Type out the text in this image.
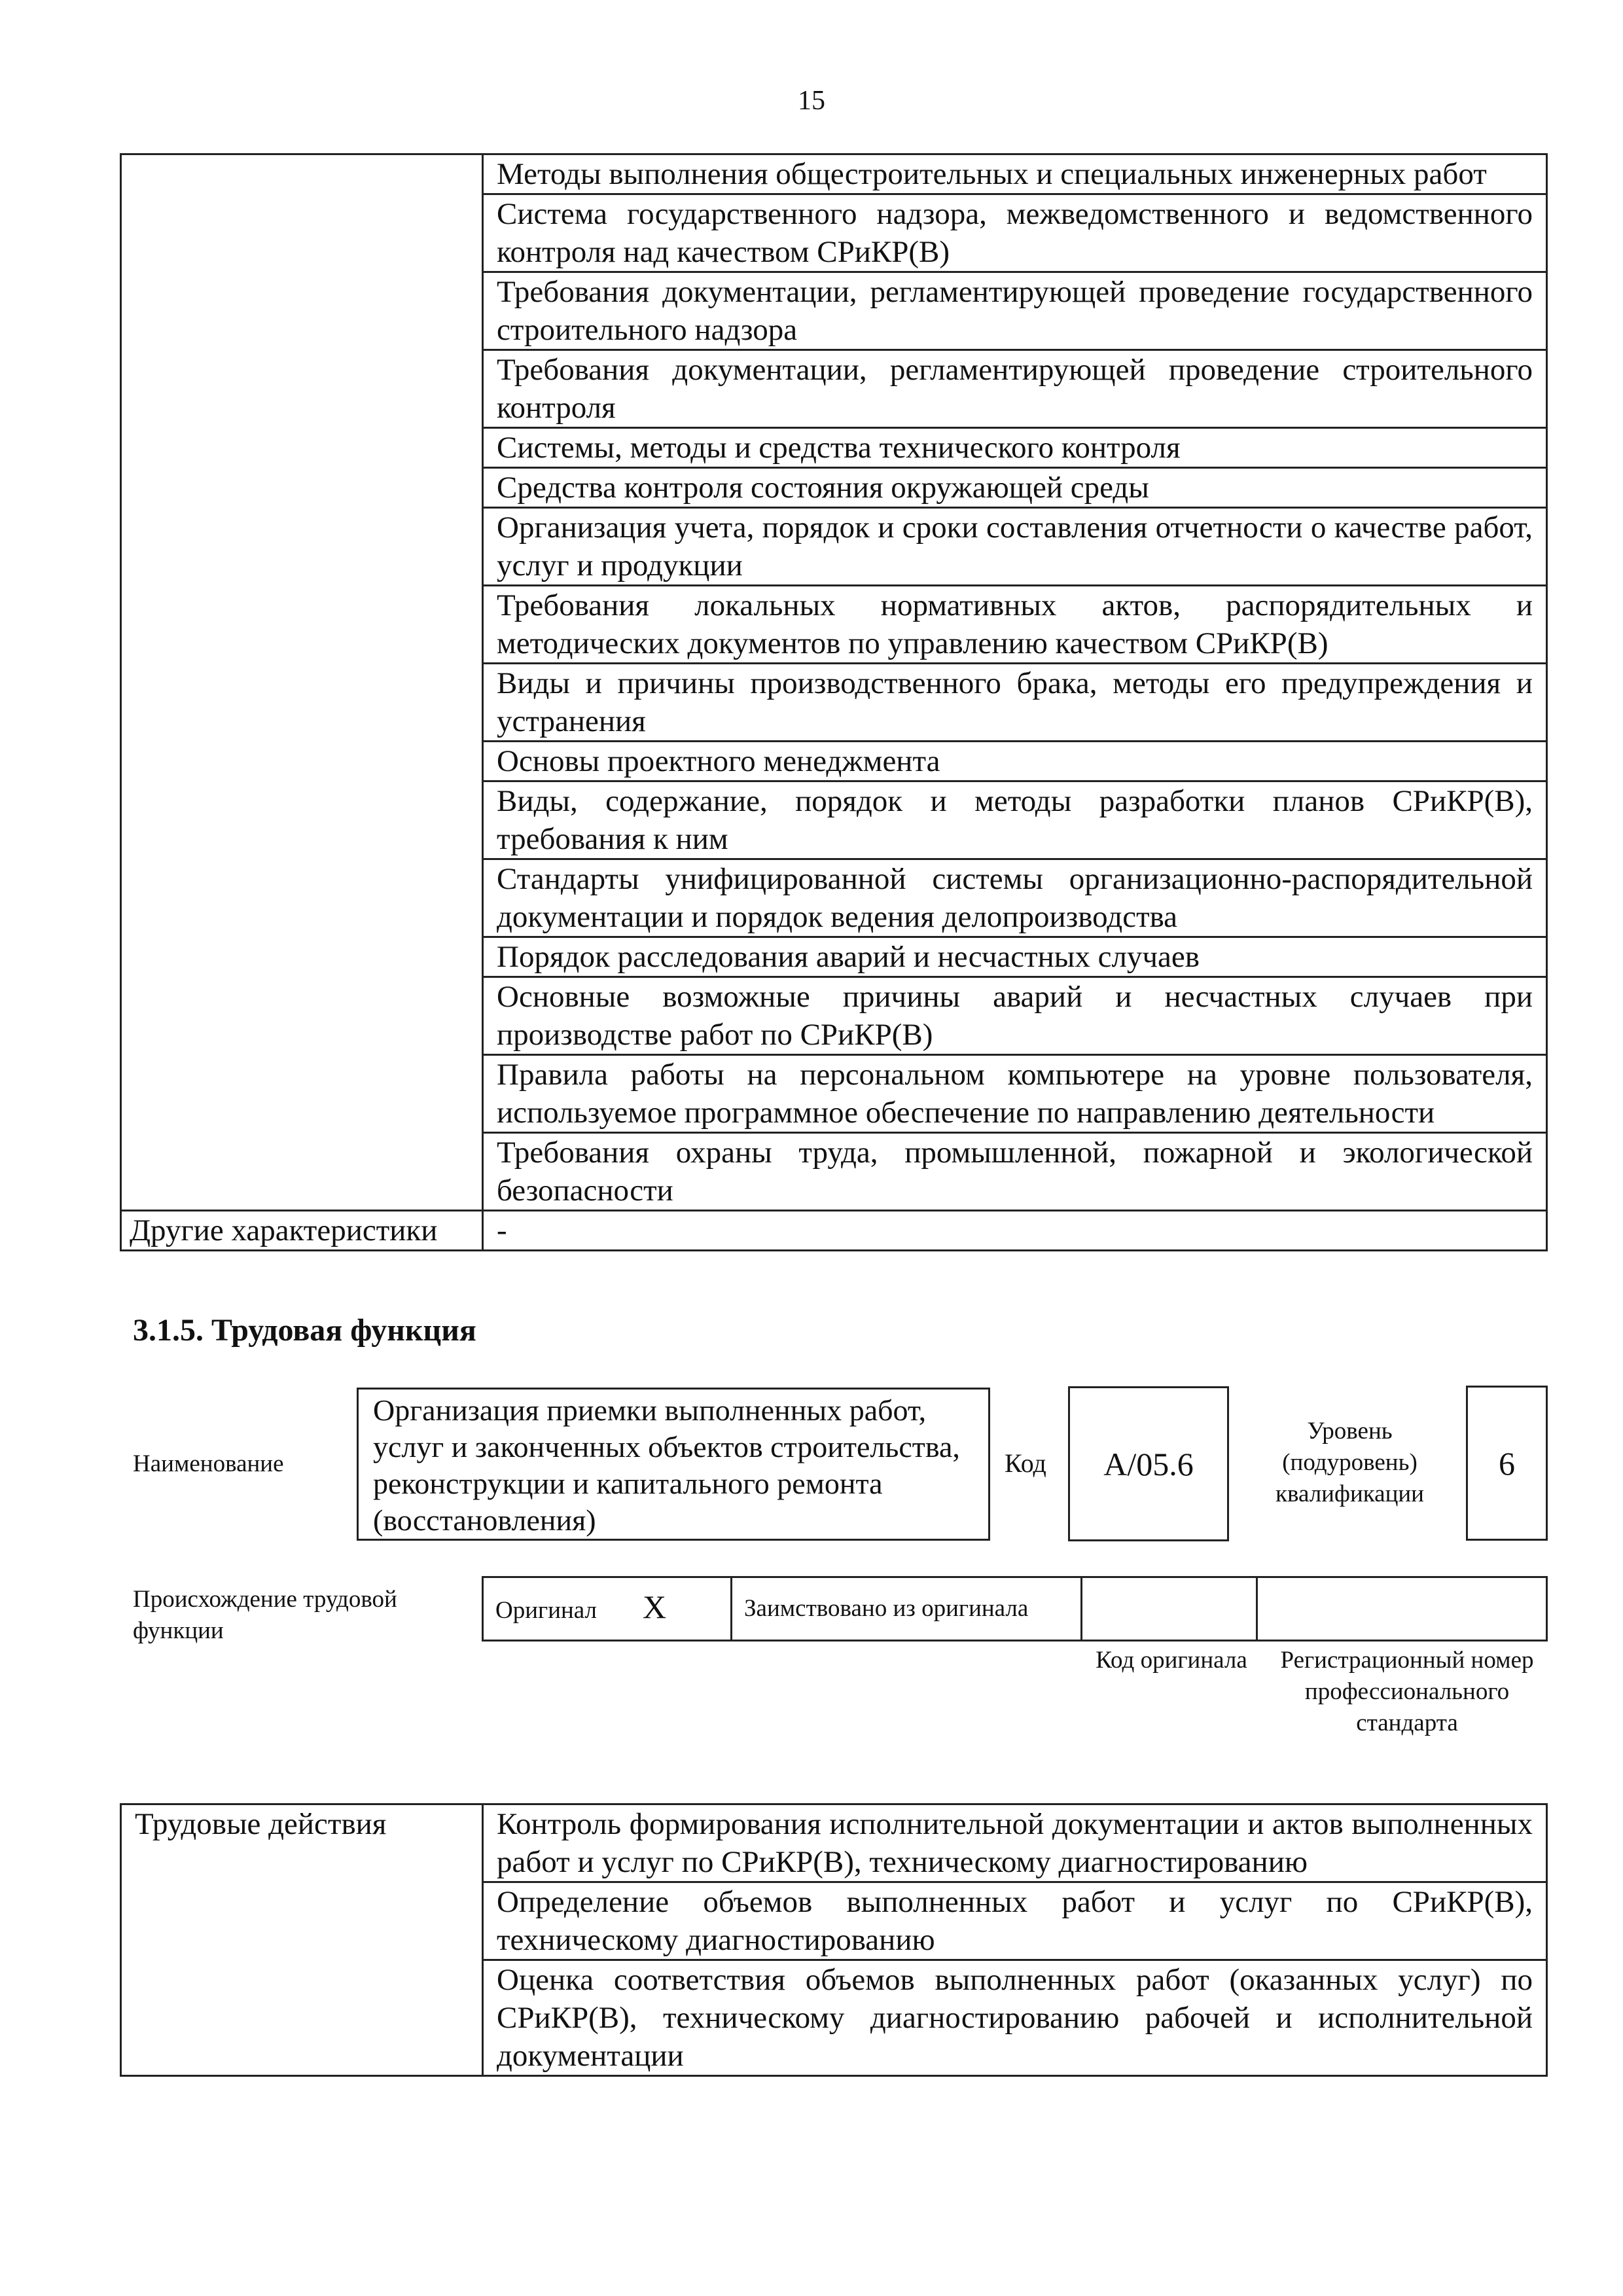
15
	Методы выполнения общестроительных и специальных инженерных работ
	Система государственного надзора, межведомственного и ведомственного контроля над качеством СРиКР(В)
	Требования документации, регламентирующей проведение государственного строительного надзора
	Требования документации, регламентирующей проведение строительного контроля
	Системы, методы и средства технического контроля
	Средства контроля состояния окружающей среды
	Организация учета, порядок и сроки составления отчетности о качестве работ, услуг и продукции
	Требования локальных нормативных актов, распорядительных и методических документов по управлению качеством СРиКР(В)
	Виды и причины производственного брака, методы его предупреждения и устранения
	Основы проектного менеджмента
	Виды, содержание, порядок и методы разработки планов СРиКР(В), требования к ним
	Стандарты унифицированной системы организационно-распорядительной документации и порядок ведения делопроизводства
	Порядок расследования аварий и несчастных случаев
	Основные возможные причины аварий и несчастных случаев при производстве работ по СРиКР(В)
	Правила работы на персональном компьютере на уровне пользователя, используемое программное обеспечение по направлению деятельности
	Требования охраны труда, промышленной, пожарной и экологической безопасности
Другие характеристики	-
3.1.5. Трудовая функция
Наименование
Организация приемки выполненных работ, услуг и законченных объектов строительства, реконструкции и капитального ремонта (восстановления)
Код А/05.6
Уровень (подуровень) квалификации
6
Происхождение трудовой функции
Оригинал X	Заимствовано из оригинала		
Код оригинала	Регистрационный номер профессионального стандарта
Трудовые действия	Контроль формирования исполнительной документации и актов выполненных работ и услуг по СРиКР(В), техническому диагностированию
Определение объемов выполненных работ и услуг по СРиКР(В), техническому диагностированию
Оценка соответствия объемов выполненных работ (оказанных услуг) по СРиКР(В), техническому диагностированию рабочей и исполнительной документации
